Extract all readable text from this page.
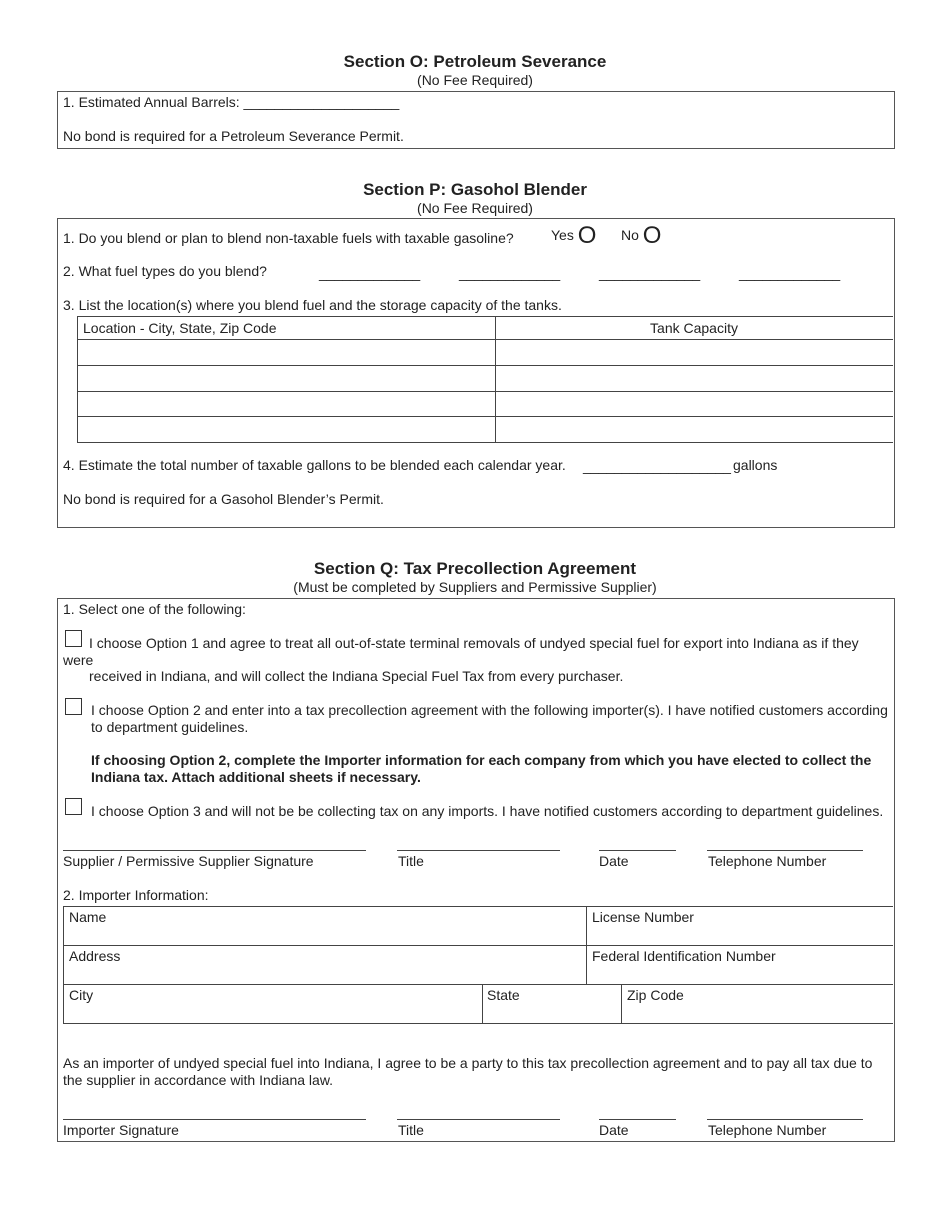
Section O: Petroleum Severance
(No Fee Required)
1. Estimated Annual Barrels: ____________________
No bond is required for a Petroleum Severance Permit.
Section P: Gasohol Blender
(No Fee Required)
1. Do you blend or plan to blend non-taxable fuels with taxable gasoline?	Yes O No O
2. What fuel types do you blend?	_____________	_____________	_____________	_____________
3. List the location(s) where you blend fuel and the storage capacity of the tanks.
Location - City, State, Zip Code	Tank Capacity
4. Estimate the total number of taxable gallons to be blended each calendar year. ___________________ gallons
No bond is required for a Gasohol Blender’s Permit.
Section Q: Tax Precollection Agreement
(Must be completed by Suppliers and Permissive Supplier)
1. Select one of the following:
I choose Option 1 and agree to treat all out-of-state terminal removals of undyed special fuel for export into Indiana as if they
were
received in Indiana, and will collect the Indiana Special Fuel Tax from every purchaser.
I choose Option 2 and enter into a tax precollection agreement with the following importer(s). I have notified customers according to department guidelines.
If choosing Option 2, complete the Importer information for each company from which you have elected to collect the Indiana tax. Attach additional sheets if necessary.
I choose Option 3 and will not be be collecting tax on any imports. I have notified customers according to department guidelines.
Supplier / Permissive Supplier Signature	Title	Date	Telephone Number
2. Importer Information:
Name	License Number
Address	Federal Identification Number
City	State	Zip Code
As an importer of undyed special fuel into Indiana, I agree to be a party to this tax precollection agreement and to pay all tax due to the supplier in accordance with Indiana law.
Importer Signature	Title	Date	Telephone Number
